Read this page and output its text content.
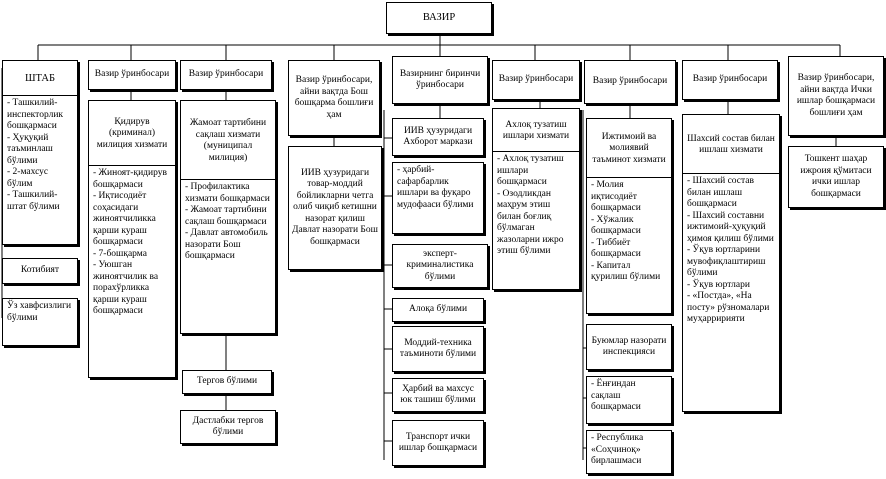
ВАЗИР
ШТАБ
- Ташкилий-инспекторлик бошқармаси
- Ҳуқуқий таъминлаш бўлими
- 2-махсус бўлим
- Ташкилий-штат бўлими
Котибият
Ўз хавфсизлиги бўлими
Вазир ўринбосари
Қидирув (криминал) милиция хизмати
- Жиноят-қидирув бошқармаси
- Иқтисодиёт соҳасидаги жиноятчиликка қарши кураш бошқармаси
- 7-бошқарма
- Уюшган жиноятчилик ва порахўрликка қарши кураш бошқармаси
Вазир ўринбосари
Жамоат тартибини сақлаш хизмати (муниципал милиция)
- Профилактика хизмати бошқармаси
- Жамоат тартибини сақлаш бошқармаси
- Давлат автомобиль назорати Бош бошқармаси
Тергов бўлими
Дастлабки тергов бўлими
Вазир ўринбосари, айни вақтда Бош бошқарма бошлиғи ҳам
ИИВ ҳузуридаги товар-моддий бойликларни четга олиб чиқиб кетишни назорат қилиш Давлат назорати Бош бошқармаси
Вазирнинг биринчи ўринбосари
ИИВ ҳузуридаги Ахборот маркази
- ҳарбий-сафарбарлик ишлари ва фуқаро мудофааси бўлими
эксперт-криминалистика бўлими
Алоқа бўлими
Моддий-техника таъминоти бўлими
Ҳарбий ва махсус юк ташиш бўлими
Транспорт ички ишлар бошқармаси
Вазир ўринбосари
Ахлоқ тузатиш ишлари хизмати
- Ахлоқ тузатиш ишлари бошқармаси
- Озодликдан маҳрум этиш билан боғлиқ бўлмаган жазоларни ижро этиш бўлими
Вазир ўринбосари
Ижтимоий ва молиявий таъминот хизмати
- Молия иқтисодиёт бошқармаси
- Хўжалик бошқармаси
- Тиббиёт бошқармаси
- Капитал қурилиш бўлими
Буюмлар назорати инспекцияси
- Ёнғиндан сақлаш бошқармаси
- Республика «Соҳчиноқ» бирлашмаси
Вазир ўринбосари
Шахсий состав билан ишлаш хизмати
- Шахсий состав билан ишлаш бошқармаси
- Шахсий составни ижтимоий-ҳуқуқий ҳимоя қилиш бўлими
- Ўқув юртларини мувофиқлаштириш бўлими
- Ўқув юртлари
- «Постда», «На посту» рўзномалари муҳарририяти
Вазир ўринбосари, айни вақтда Ички ишлар бошқармаси бошлиғи ҳам
Тошкент шаҳар ижроия қўмитаси ички ишлар бошқармаси
